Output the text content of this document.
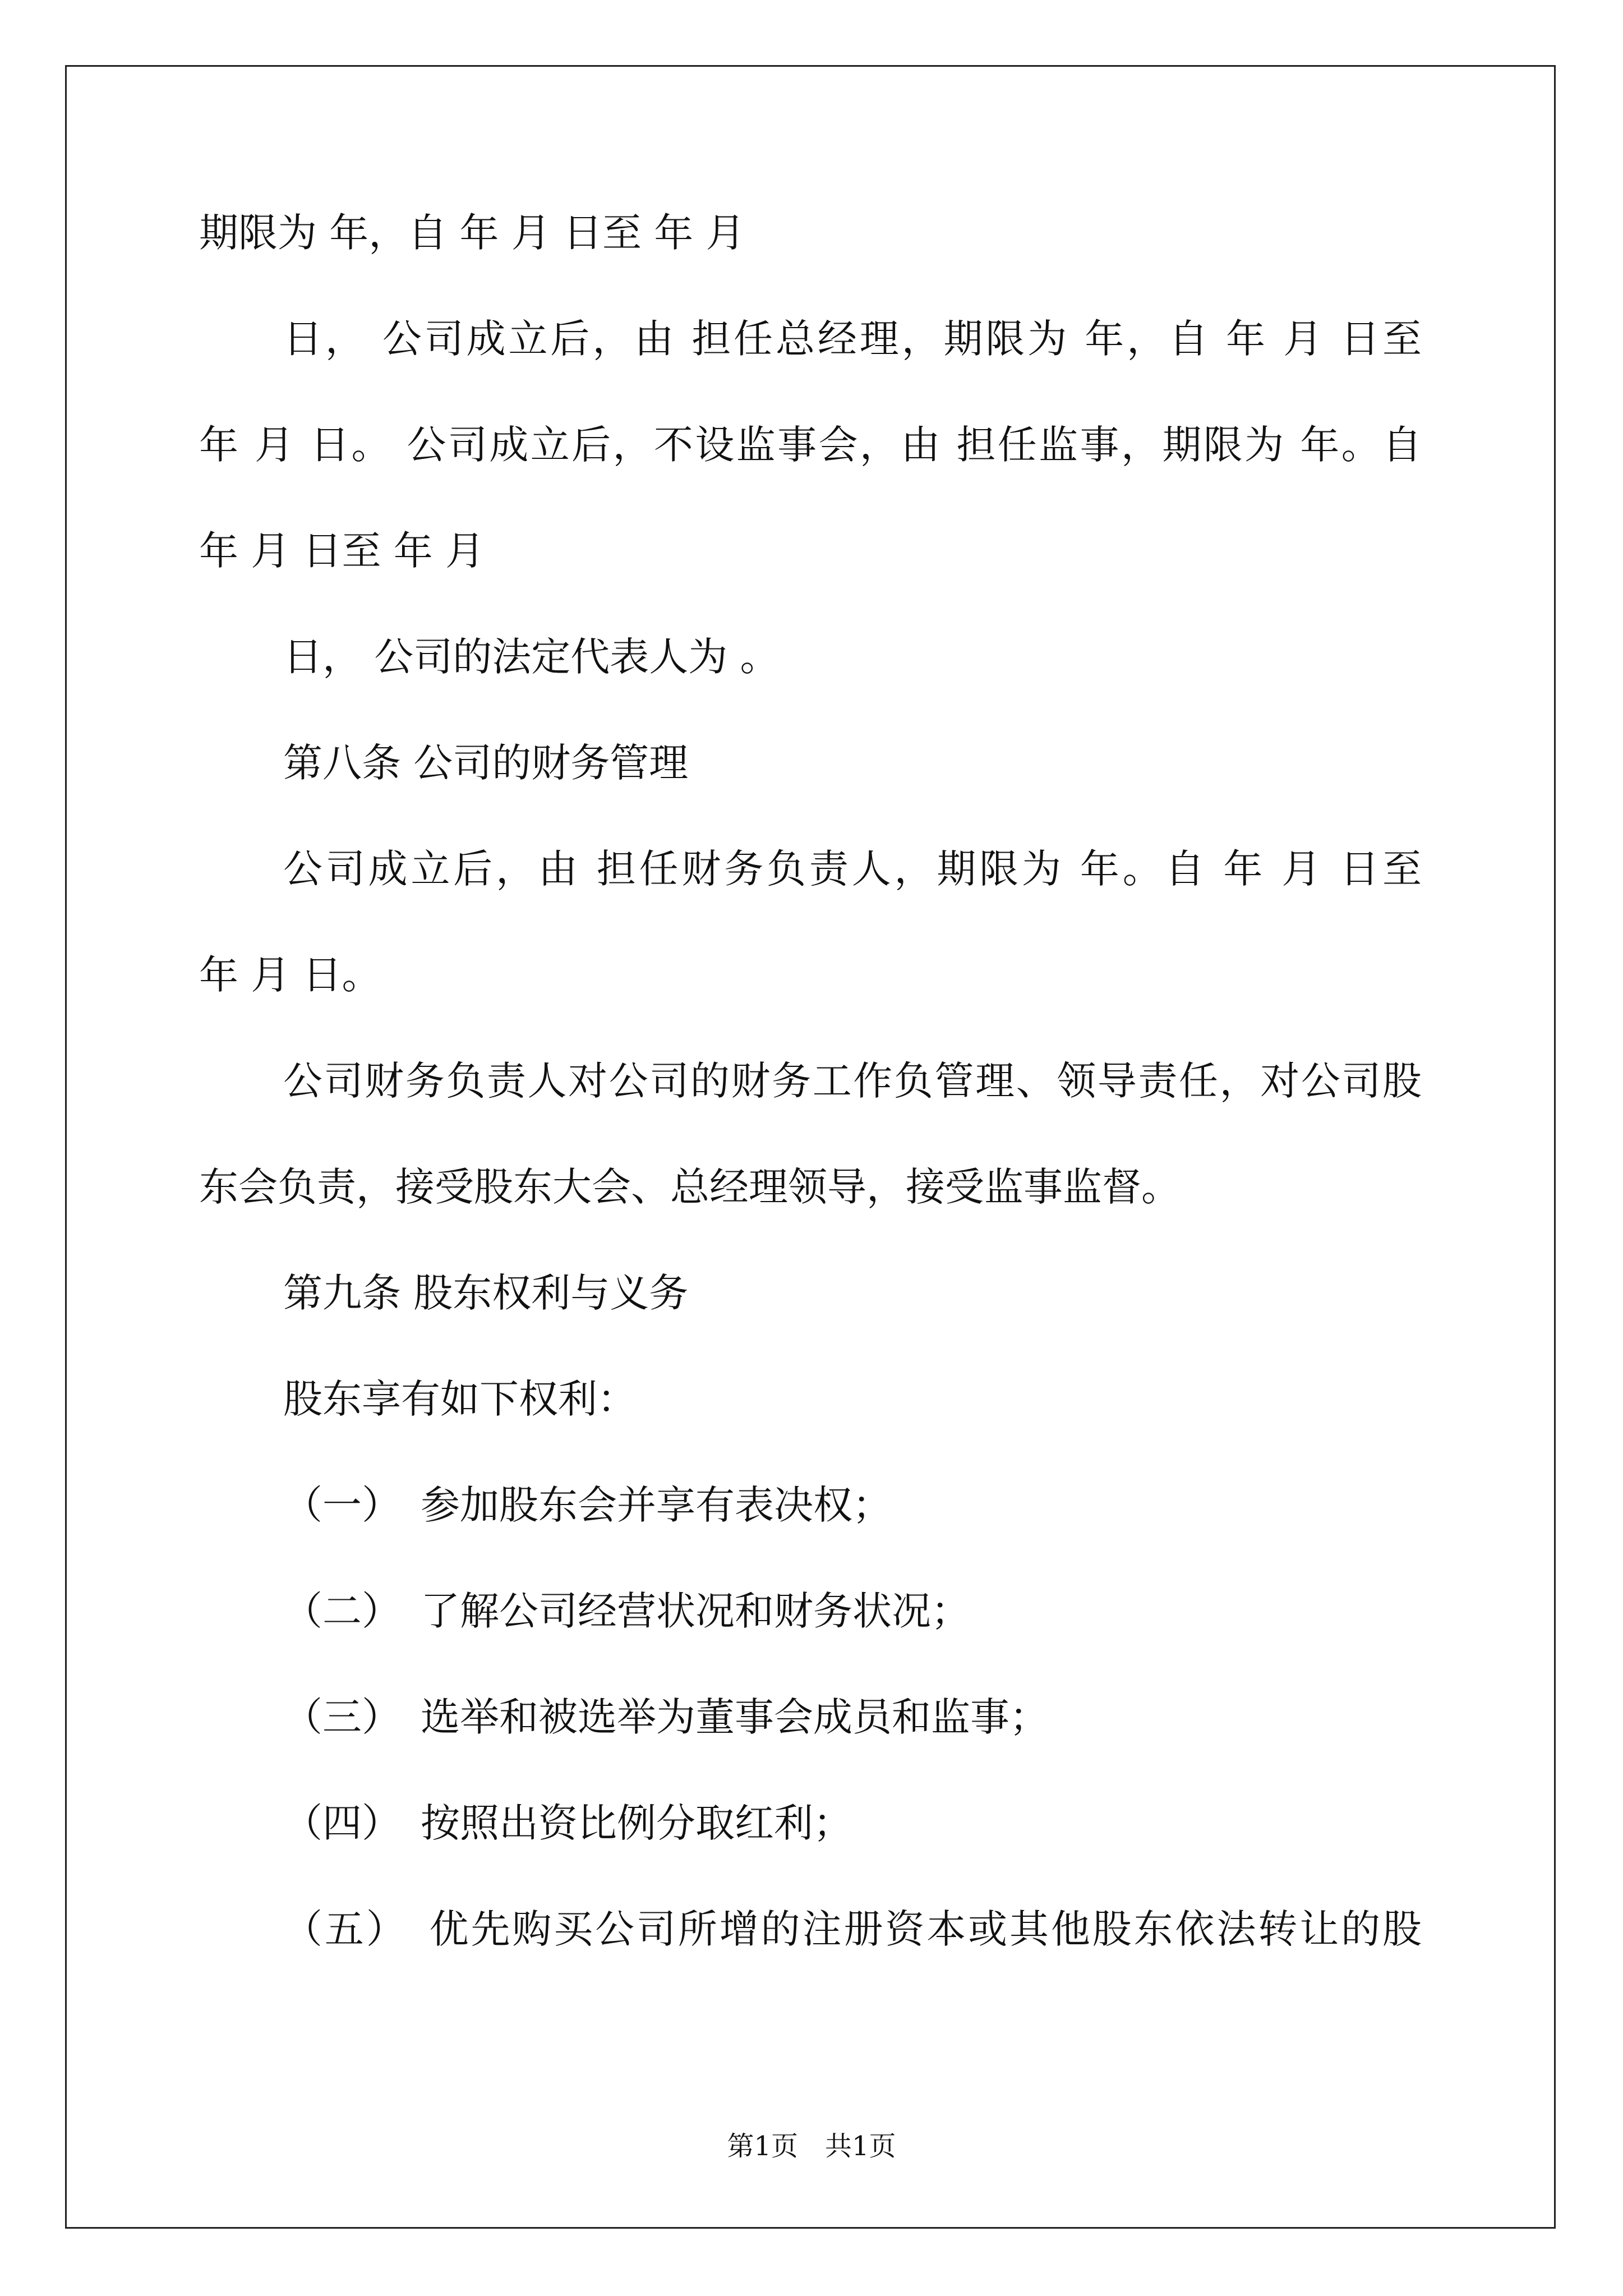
期限为 年，自 年 月 日至 年 月
日， 公司成立后，由 担任总经理，期限为 年，自 年 月 日至
年 月 日。 公司成立后，不设监事会，由 担任监事，期限为 年。自
年 月 日至 年 月
日， 公司的法定代表人为 。
第八条 公司的财务管理
公司成立后，由 担任财务负责人，期限为 年。自 年 月 日至
年 月 日。
公司财务负责人对公司的财务工作负管理、领导责任，对公司股
东会负责，接受股东大会、总经理领导，接受监事监督。
第九条 股东权利与义务
股东享有如下权利：
（一）　参加股东会并享有表决权；
（二）　了解公司经营状况和财务状况；
（三）　选举和被选举为董事会成员和监事；
（四）　按照出资比例分取红利；
（五）　优先购买公司所增的注册资本或其他股东依法转让的股
第1页　共1页
